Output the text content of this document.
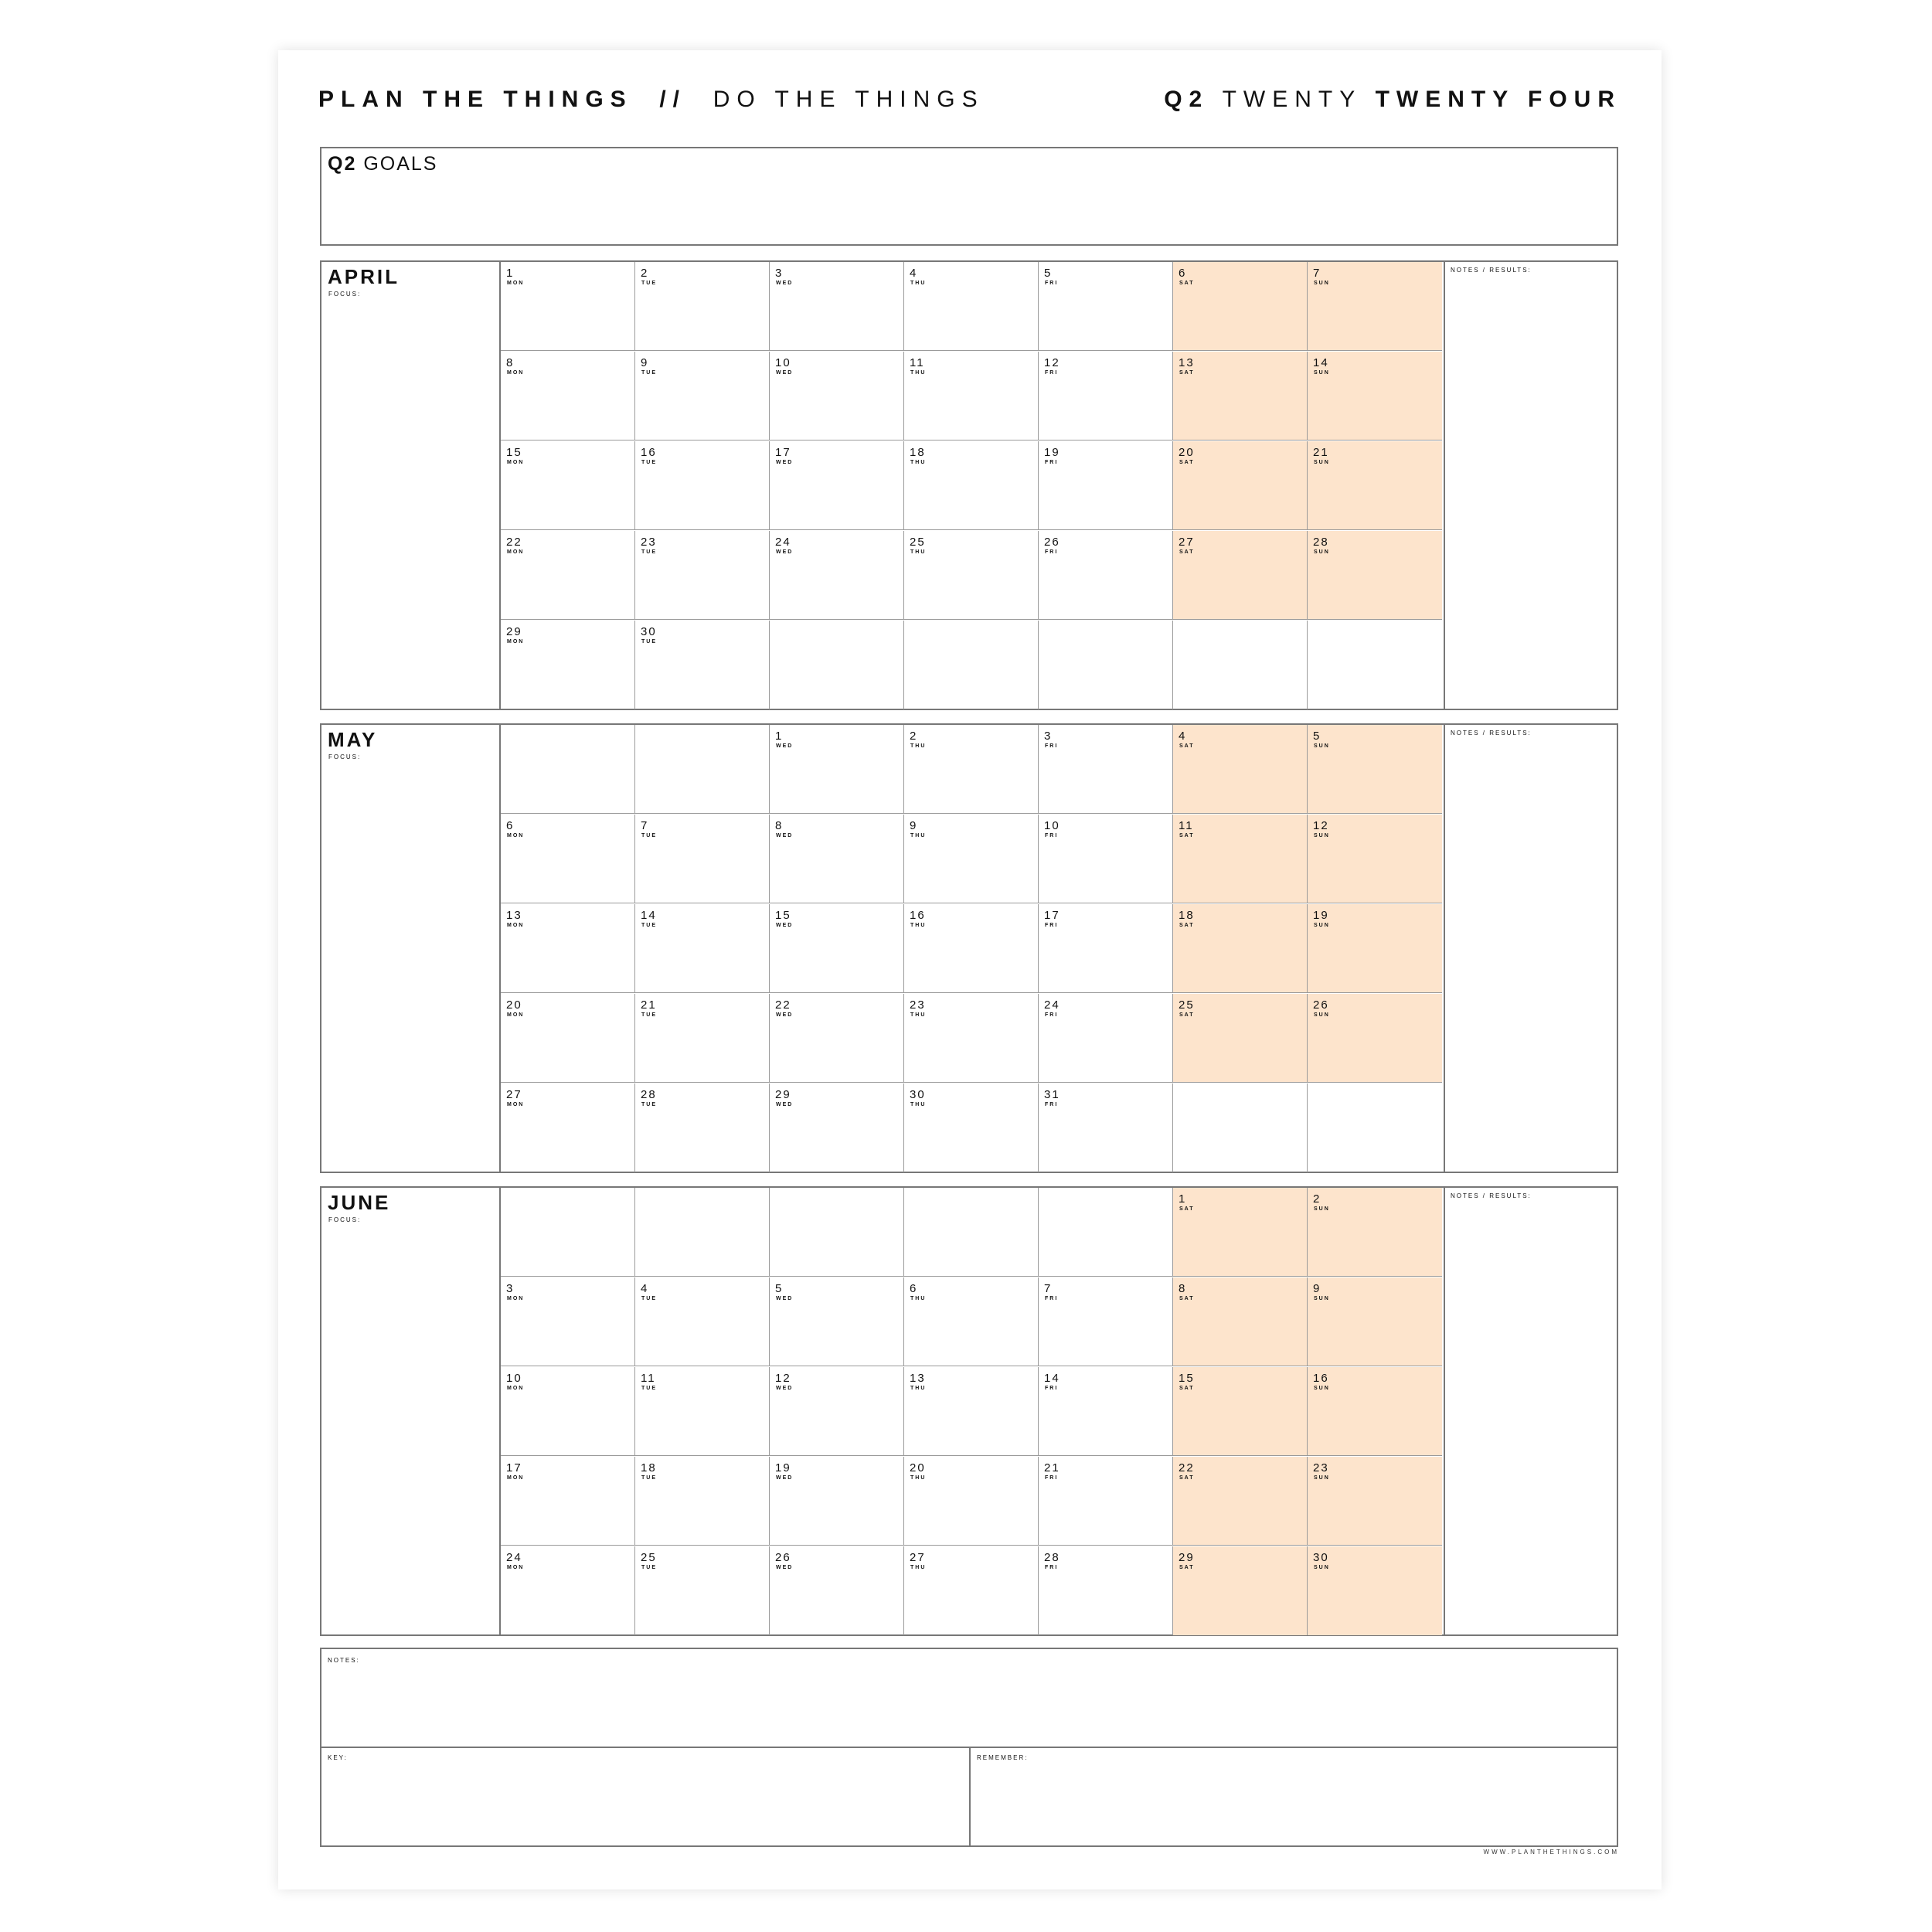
PLAN THE THINGS // DO THE THINGS	Q2 TWENTY TWENTY FOUR
Q2 GOALS
APRIL
FOCUS:
1
MON
2
TUE
3
WED
4
THU
5
FRI
6
SAT
7
SUN
8
MON
9
TUE
10
WED
11
THU
12
FRI
13
SAT
14
SUN
15
MON
16
TUE
17
WED
18
THU
19
FRI
20
SAT
21
SUN
22
MON
23
TUE
24
WED
25
THU
26
FRI
27
SAT
28
SUN
29
MON
30
TUE
NOTES / RESULTS:
MAY
FOCUS:
1
WED
2
THU
3
FRI
4
SAT
5
SUN
6
MON
7
TUE
8
WED
9
THU
10
FRI
11
SAT
12
SUN
13
MON
14
TUE
15
WED
16
THU
17
FRI
18
SAT
19
SUN
20
MON
21
TUE
22
WED
23
THU
24
FRI
25
SAT
26
SUN
27
MON
28
TUE
29
WED
30
THU
31
FRI
NOTES / RESULTS:
JUNE
FOCUS:
1
SAT
2
SUN
3
MON
4
TUE
5
WED
6
THU
7
FRI
8
SAT
9
SUN
10
MON
11
TUE
12
WED
13
THU
14
FRI
15
SAT
16
SUN
17
MON
18
TUE
19
WED
20
THU
21
FRI
22
SAT
23
SUN
24
MON
25
TUE
26
WED
27
THU
28
FRI
29
SAT
30
SUN
NOTES / RESULTS:
NOTES:
KEY:	REMEMBER:
WWW.PLANTHETHINGS.COM
